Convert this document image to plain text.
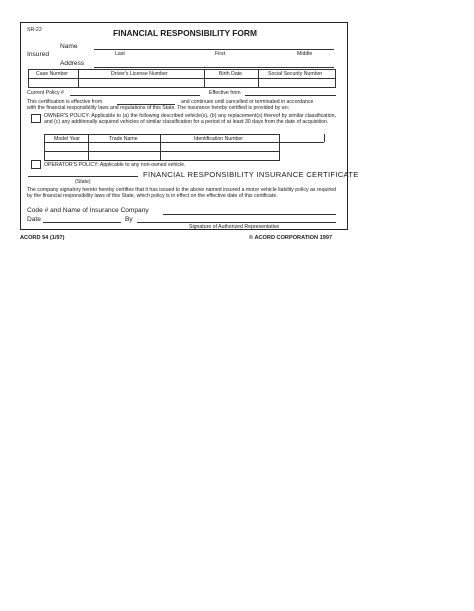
SR-22	FINANCIAL RESPONSIBILITY FORM
Name
Insured	Last	First	Middle
Address
Case Number	Driver's License Number	Birth Date	Social Security Number
Current Policy #	Effective from
This certification is effective from	and continues until cancelled or terminated in accordance
with the financial responsibility laws and regulations of this State. The insurance hereby certified is provided by an:
OWNER'S POLICY: Applicable to (a) the following described vehicle(s), (b) any replacement(s) thereof by similar classification, and (c) any additionally acquired vehicles of similar classification for a period of at least 30 days from the date of acquisition.
Model Year	Trade Name	Identification Number
OPERATOR'S POLICY: Applicable to any non-owned vehicle.
FINANCIAL RESPONSIBILITY INSURANCE CERTIFICATE
(State)
The company signatory hereto hereby certifies that it has issued to the above named insured a motor vehicle liability policy as required by the financial responsibility laws of this State, which policy is in effect on the effective date of this certificate.
Code # and Name of Insurance Company
Date	By
Signature of Authorized Representative
ACORD 54 (1/97)	© ACORD CORPORATION 1997
